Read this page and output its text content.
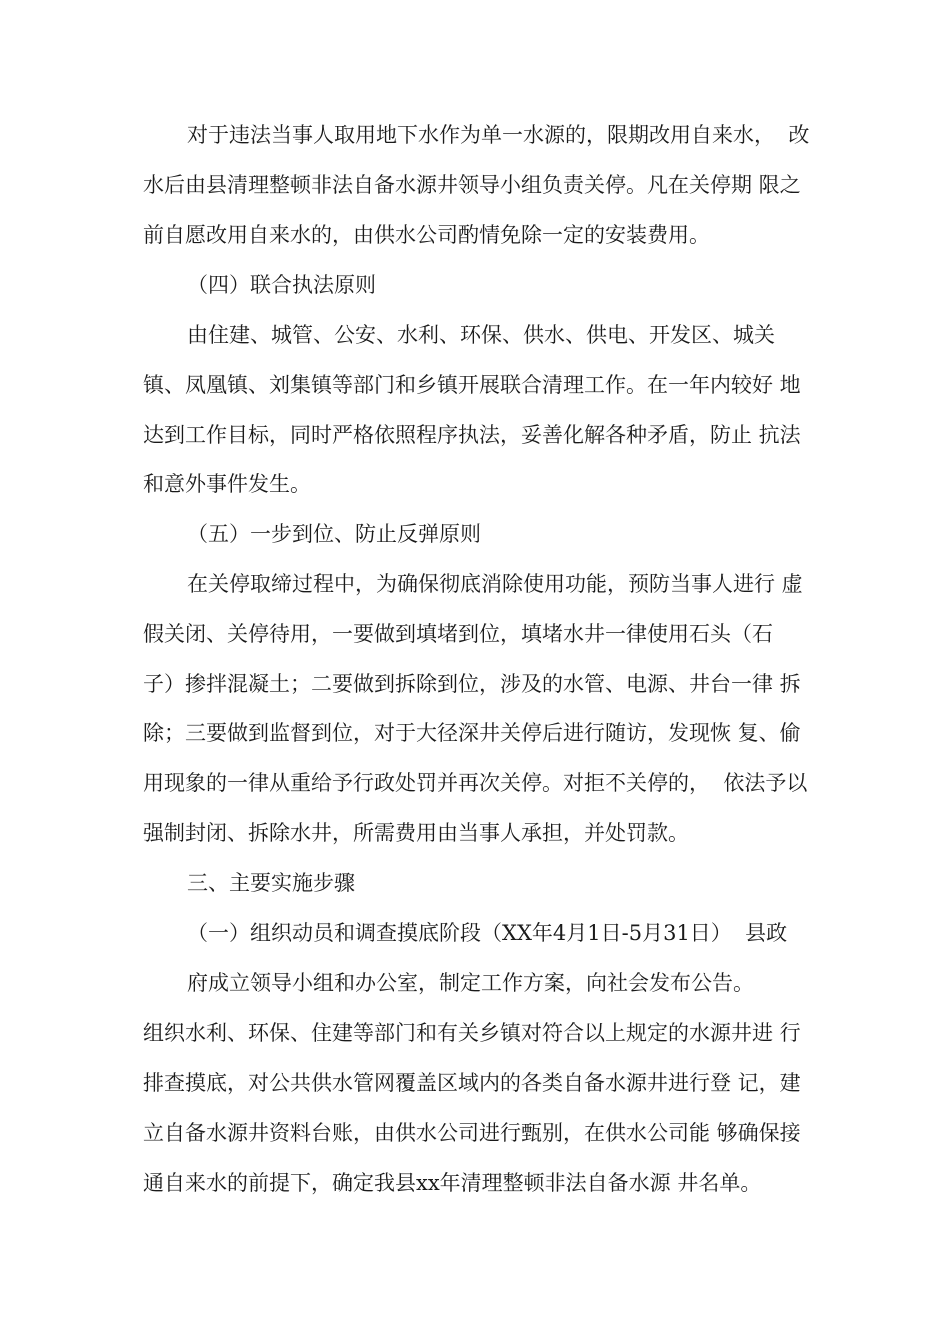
对于违法当事人取用地下水作为单一水源的，限期改用自来水，  改
水后由县清理整顿非法自备水源井领导小组负责关停。凡在关停期 限之
前自愿改用自来水的，由供水公司酌情免除一定的安装费用。
（四）联合执法原则
由住建、城管、公安、水利、环保、供水、供电、开发区、城关
镇、凤凰镇、刘集镇等部门和乡镇开展联合清理工作。在一年内较好 地
达到工作目标，同时严格依照程序执法，妥善化解各种矛盾，防止 抗法
和意外事件发生。
（五）一步到位、防止反弹原则
在关停取缔过程中，为确保彻底消除使用功能，预防当事人进行 虚
假关闭、关停待用，一要做到填堵到位，填堵水井一律使用石头（石
子）掺拌混凝土；二要做到拆除到位，涉及的水管、电源、井台一律 拆
除；三要做到监督到位，对于大径深井关停后进行随访，发现恢 复、偷
用现象的一律从重给予行政处罚并再次关停。对拒不关停的，  依法予以
强制封闭、拆除水井，所需费用由当事人承担，并处罚款。
三、主要实施步骤
（一）组织动员和调查摸底阶段（XX年4月1日-5月31日）  县政
府成立领导小组和办公室，制定工作方案，向社会发布公告。
组织水利、环保、住建等部门和有关乡镇对符合以上规定的水源井进 行
排查摸底，对公共供水管网覆盖区域内的各类自备水源井进行登 记，建
立自备水源井资料台账，由供水公司进行甄别，在供水公司能 够确保接
通自来水的前提下，确定我县xx年清理整顿非法自备水源 井名单。
